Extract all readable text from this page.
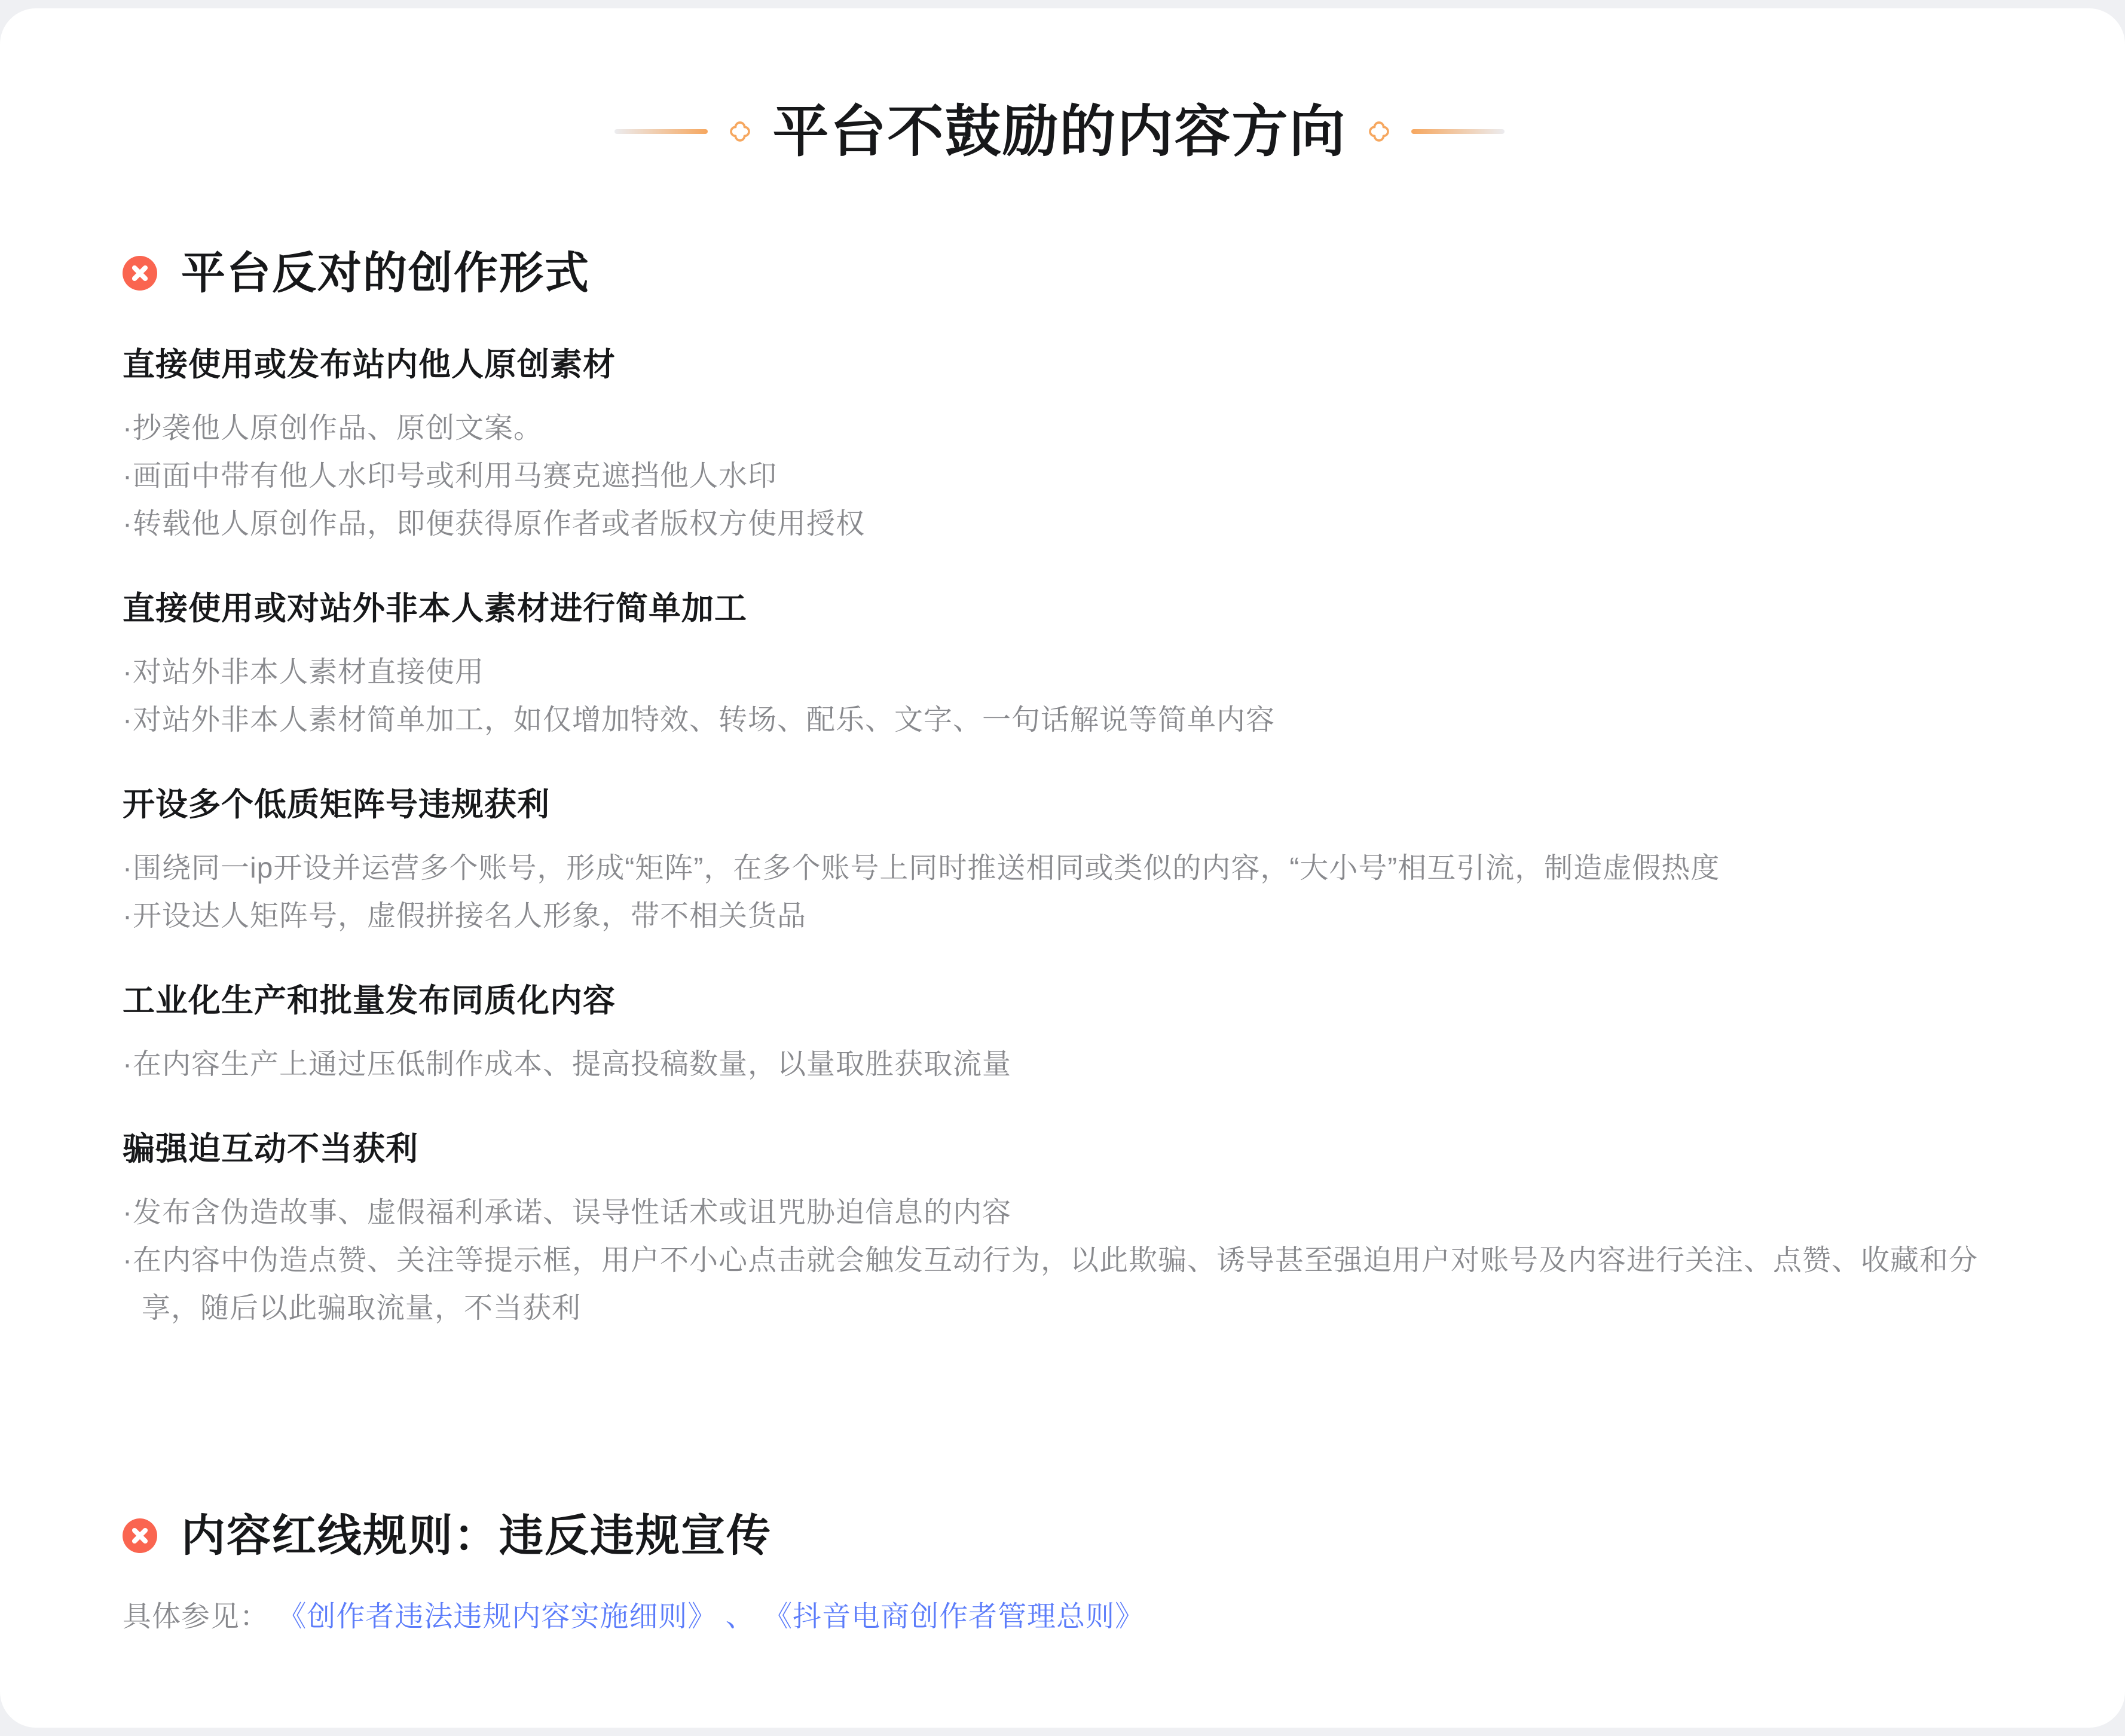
平台不鼓励的内容方向
平台反对的创作形式
直接使用或发布站内他人原创素材

·抄袭他人原创作品、原创文案。

·画面中带有他人水印号或利用马赛克遮挡他人水印

·转载他人原创作品，即便获得原作者或者版权方使用授权

直接使用或对站外非本人素材进行简单加工

·对站外非本人素材直接使用

·对站外非本人素材简单加工，如仅增加特效、转场、配乐、文字、一句话解说等简单内容

开设多个低质矩阵号违规获利

·围绕同一ip开设并运营多个账号，形成“矩阵”，在多个账号上同时推送相同或类似的内容，“大小号”相互引流，制造虚假热度

·开设达人矩阵号，虚假拼接名人形象，带不相关货品

工业化生产和批量发布同质化内容

·在内容生产上通过压低制作成本、提高投稿数量，以量取胜获取流量

骗强迫互动不当获利

·发布含伪造故事、虚假福利承诺、误导性话术或诅咒胁迫信息的内容

·在内容中伪造点赞、关注等提示框，用户不小心点击就会触发互动行为，以此欺骗、诱导甚至强迫用户对账号及内容进行关注、点赞、收藏和分享，随后以此骗取流量，不当获利

内容红线规则：违反违规宣传

具体参见： 《创作者违法违规内容实施细则》 、 《抖音电商创作者管理总则》
